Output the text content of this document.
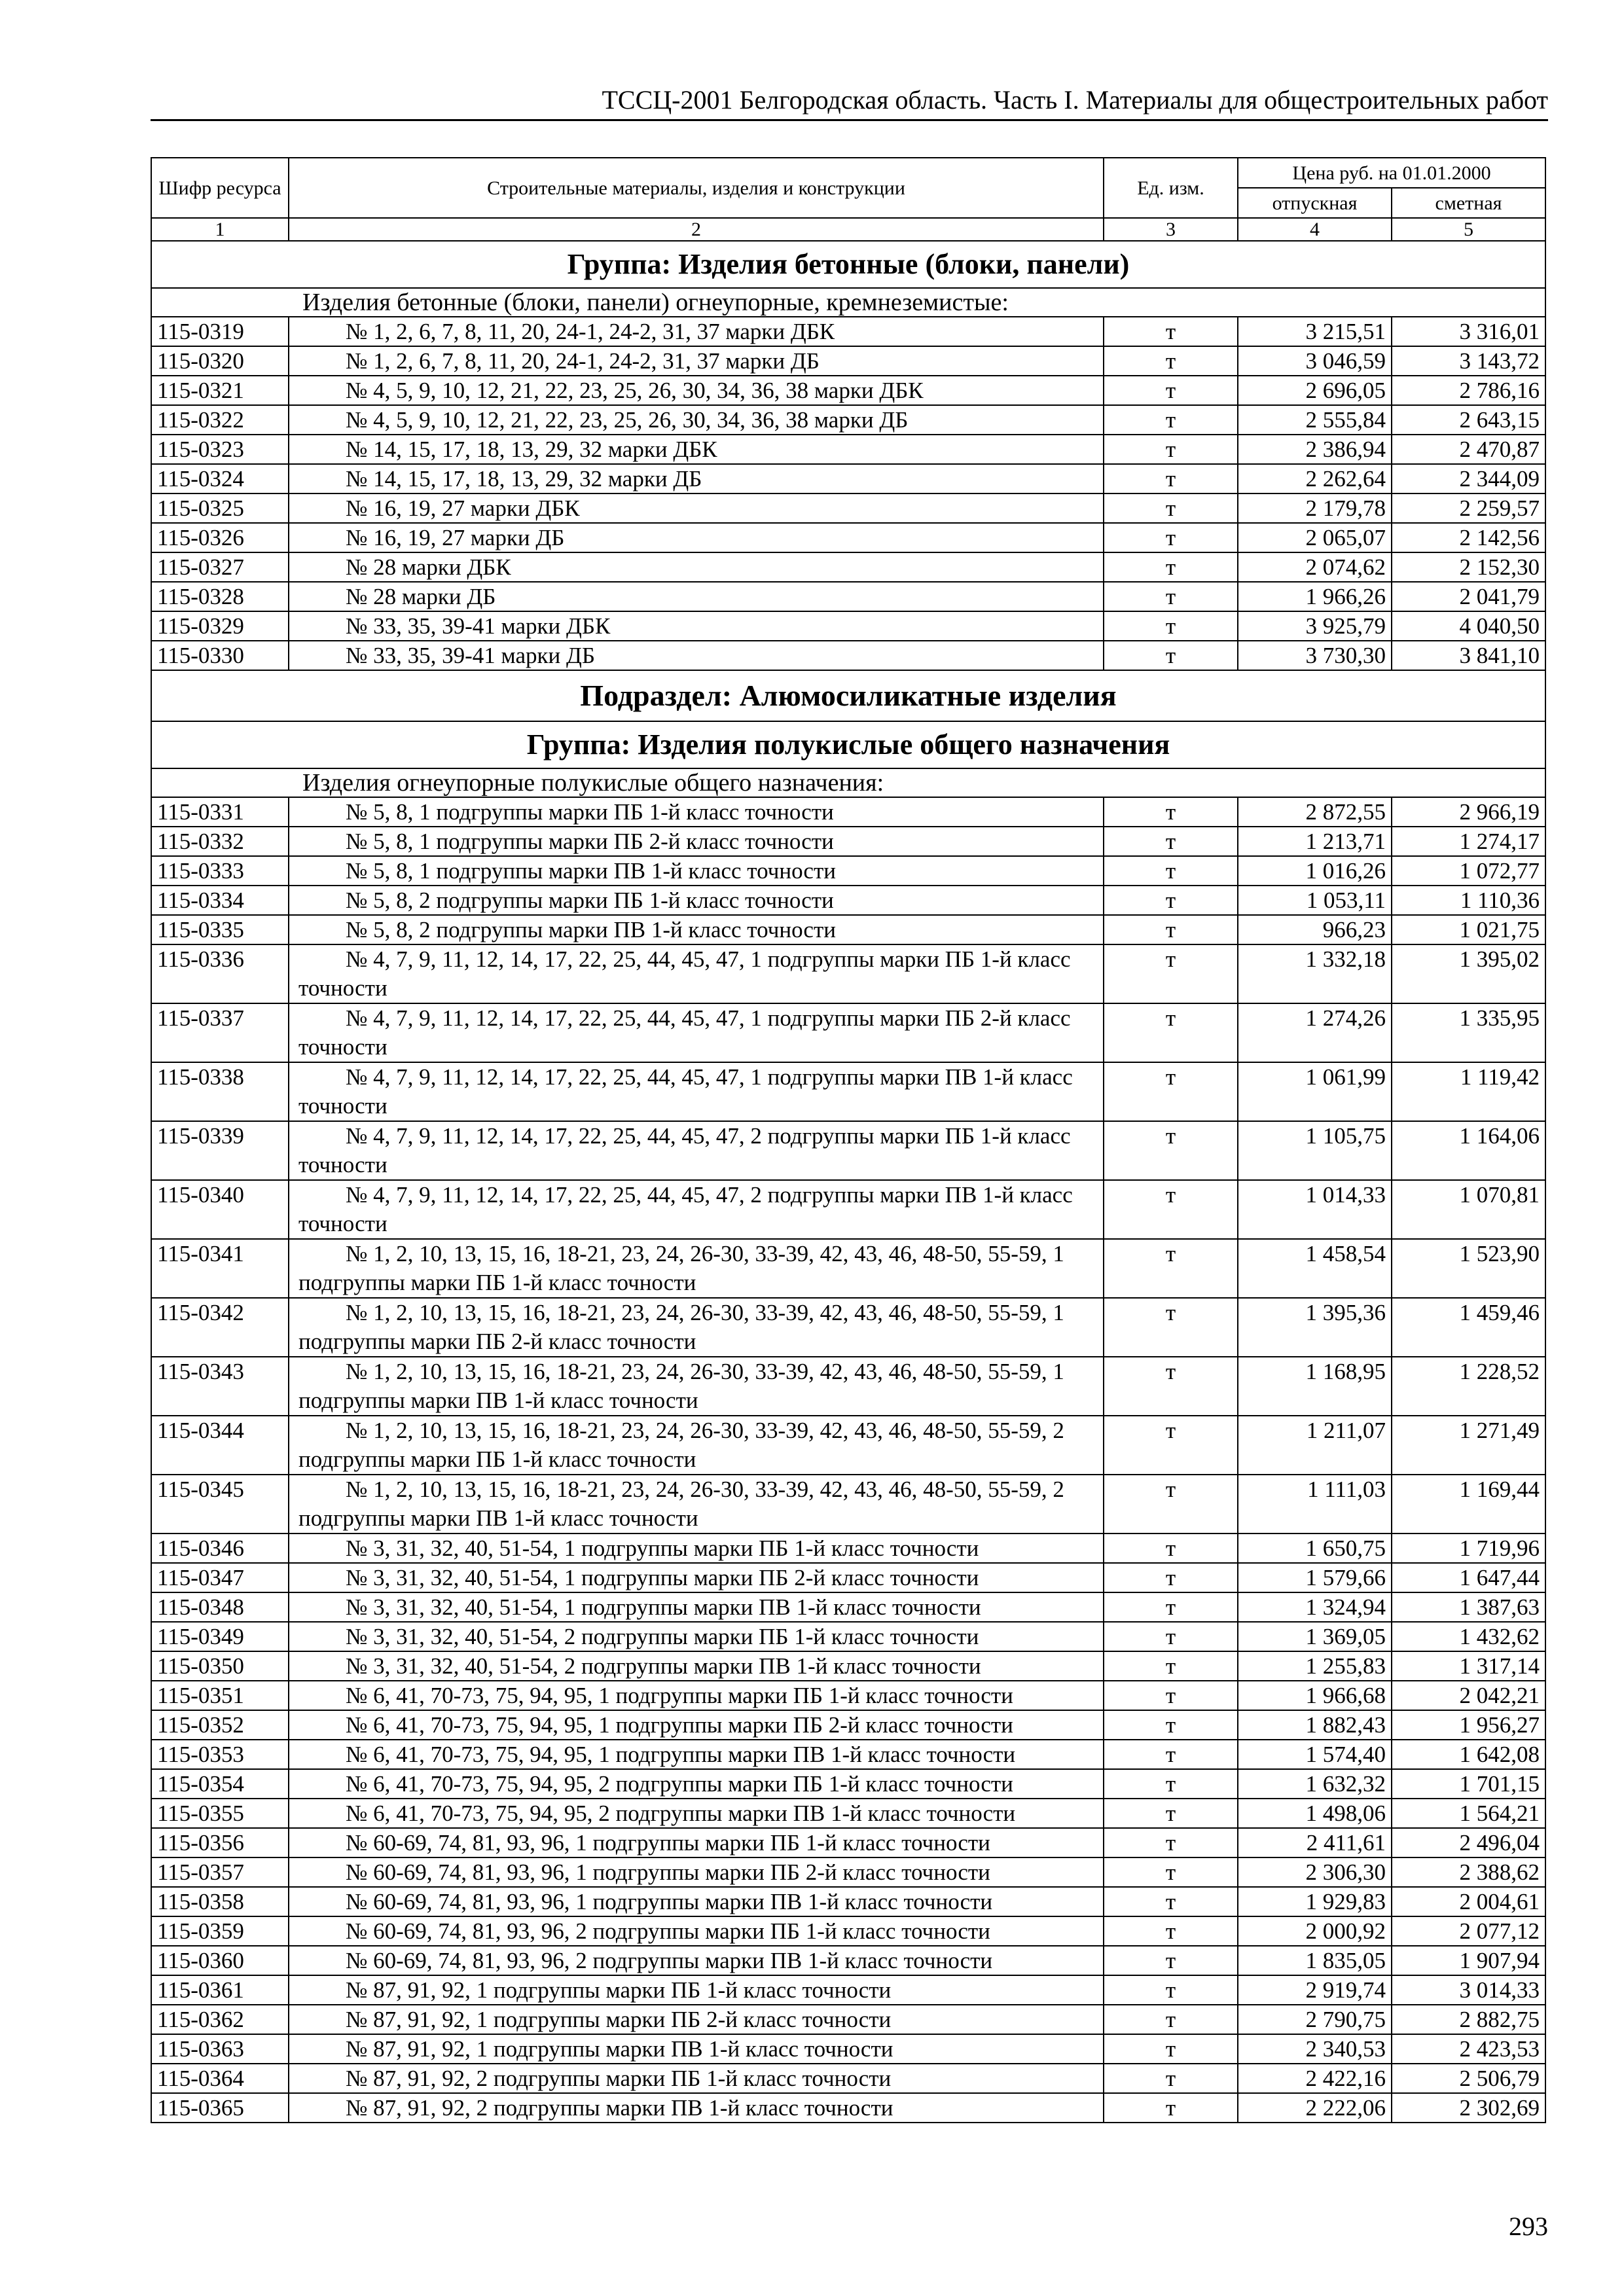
ТССЦ-2001 Белгородская область. Часть I. Материалы для общестроительных работ
Шифр ресурса	Строительные материалы, изделия и конструкции	Ед. изм.	Цена руб. на 01.01.2000	
			отпускная	сметная
1	2	3	4	5
Группа: Изделия бетонные (блоки, панели)				
Изделия бетонные (блоки, панели) огнеупорные, кремнеземистые:				
115-0319	№ 1, 2, 6, 7, 8, 11, 20, 24-1, 24-2, 31, 37 марки ДБК	т	3 215,51	3 316,01
115-0320	№ 1, 2, 6, 7, 8, 11, 20, 24-1, 24-2, 31, 37 марки ДБ	т	3 046,59	3 143,72
115-0321	№ 4, 5, 9, 10, 12, 21, 22, 23, 25, 26, 30, 34, 36, 38 марки ДБК	т	2 696,05	2 786,16
115-0322	№ 4, 5, 9, 10, 12, 21, 22, 23, 25, 26, 30, 34, 36, 38 марки ДБ	т	2 555,84	2 643,15
115-0323	№ 14, 15, 17, 18, 13, 29, 32 марки ДБК	т	2 386,94	2 470,87
115-0324	№ 14, 15, 17, 18, 13, 29, 32 марки ДБ	т	2 262,64	2 344,09
115-0325	№ 16, 19, 27 марки ДБК	т	2 179,78	2 259,57
115-0326	№ 16, 19, 27 марки ДБ	т	2 065,07	2 142,56
115-0327	№ 28 марки ДБК	т	2 074,62	2 152,30
115-0328	№ 28 марки ДБ	т	1 966,26	2 041,79
115-0329	№ 33, 35, 39-41 марки ДБК	т	3 925,79	4 040,50
115-0330	№ 33, 35, 39-41 марки ДБ	т	3 730,30	3 841,10
Подраздел: Алюмосиликатные изделия				
Группа: Изделия полукислые общего назначения				
Изделия огнеупорные полукислые общего назначения:				
115-0331	№ 5, 8, 1 подгруппы марки ПБ 1-й класс точности	т	2 872,55	2 966,19
115-0332	№ 5, 8, 1 подгруппы марки ПБ 2-й класс точности	т	1 213,71	1 274,17
115-0333	№ 5, 8, 1 подгруппы марки ПВ 1-й класс точности	т	1 016,26	1 072,77
115-0334	№ 5, 8, 2 подгруппы марки ПБ 1-й класс точности	т	1 053,11	1 110,36
115-0335	№ 5, 8, 2 подгруппы марки ПВ 1-й класс точности	т	966,23	1 021,75
115-0336	№ 4, 7, 9, 11, 12, 14, 17, 22, 25, 44, 45, 47, 1 подгруппы марки ПБ 1-й класс точности	т	1 332,18	1 395,02
115-0337	№ 4, 7, 9, 11, 12, 14, 17, 22, 25, 44, 45, 47, 1 подгруппы марки ПБ 2-й класс точности	т	1 274,26	1 335,95
115-0338	№ 4, 7, 9, 11, 12, 14, 17, 22, 25, 44, 45, 47, 1 подгруппы марки ПВ 1-й класс точности	т	1 061,99	1 119,42
115-0339	№ 4, 7, 9, 11, 12, 14, 17, 22, 25, 44, 45, 47, 2 подгруппы марки ПБ 1-й класс точности	т	1 105,75	1 164,06
115-0340	№ 4, 7, 9, 11, 12, 14, 17, 22, 25, 44, 45, 47, 2 подгруппы марки ПВ 1-й класс точности	т	1 014,33	1 070,81
115-0341	№ 1, 2, 10, 13, 15, 16, 18-21, 23, 24, 26-30, 33-39, 42, 43, 46, 48-50, 55-59, 1 подгруппы марки ПБ 1-й класс точности	т	1 458,54	1 523,90
115-0342	№ 1, 2, 10, 13, 15, 16, 18-21, 23, 24, 26-30, 33-39, 42, 43, 46, 48-50, 55-59, 1 подгруппы марки ПБ 2-й класс точности	т	1 395,36	1 459,46
115-0343	№ 1, 2, 10, 13, 15, 16, 18-21, 23, 24, 26-30, 33-39, 42, 43, 46, 48-50, 55-59, 1 подгруппы марки ПВ 1-й класс точности	т	1 168,95	1 228,52
115-0344	№ 1, 2, 10, 13, 15, 16, 18-21, 23, 24, 26-30, 33-39, 42, 43, 46, 48-50, 55-59, 2 подгруппы марки ПБ 1-й класс точности	т	1 211,07	1 271,49
115-0345	№ 1, 2, 10, 13, 15, 16, 18-21, 23, 24, 26-30, 33-39, 42, 43, 46, 48-50, 55-59, 2 подгруппы марки ПВ 1-й класс точности	т	1 111,03	1 169,44
115-0346	№ 3, 31, 32, 40, 51-54, 1 подгруппы марки ПБ 1-й класс точности	т	1 650,75	1 719,96
115-0347	№ 3, 31, 32, 40, 51-54, 1 подгруппы марки ПБ 2-й класс точности	т	1 579,66	1 647,44
115-0348	№ 3, 31, 32, 40, 51-54, 1 подгруппы марки ПВ 1-й класс точности	т	1 324,94	1 387,63
115-0349	№ 3, 31, 32, 40, 51-54, 2 подгруппы марки ПБ 1-й класс точности	т	1 369,05	1 432,62
115-0350	№ 3, 31, 32, 40, 51-54, 2 подгруппы марки ПВ 1-й класс точности	т	1 255,83	1 317,14
115-0351	№ 6, 41, 70-73, 75, 94, 95, 1 подгруппы марки ПБ 1-й класс точности	т	1 966,68	2 042,21
115-0352	№ 6, 41, 70-73, 75, 94, 95, 1 подгруппы марки ПБ 2-й класс точности	т	1 882,43	1 956,27
115-0353	№ 6, 41, 70-73, 75, 94, 95, 1 подгруппы марки ПВ 1-й класс точности	т	1 574,40	1 642,08
115-0354	№ 6, 41, 70-73, 75, 94, 95, 2 подгруппы марки ПБ 1-й класс точности	т	1 632,32	1 701,15
115-0355	№ 6, 41, 70-73, 75, 94, 95, 2 подгруппы марки ПВ 1-й класс точности	т	1 498,06	1 564,21
115-0356	№ 60-69, 74, 81, 93, 96, 1 подгруппы марки ПБ 1-й класс точности	т	2 411,61	2 496,04
115-0357	№ 60-69, 74, 81, 93, 96, 1 подгруппы марки ПБ 2-й класс точности	т	2 306,30	2 388,62
115-0358	№ 60-69, 74, 81, 93, 96, 1 подгруппы марки ПВ 1-й класс точности	т	1 929,83	2 004,61
115-0359	№ 60-69, 74, 81, 93, 96, 2 подгруппы марки ПБ 1-й класс точности	т	2 000,92	2 077,12
115-0360	№ 60-69, 74, 81, 93, 96, 2 подгруппы марки ПВ 1-й класс точности	т	1 835,05	1 907,94
115-0361	№ 87, 91, 92, 1 подгруппы марки ПБ 1-й класс точности	т	2 919,74	3 014,33
115-0362	№ 87, 91, 92, 1 подгруппы марки ПБ 2-й класс точности	т	2 790,75	2 882,75
115-0363	№ 87, 91, 92, 1 подгруппы марки ПВ 1-й класс точности	т	2 340,53	2 423,53
115-0364	№ 87, 91, 92, 2 подгруппы марки ПБ 1-й класс точности	т	2 422,16	2 506,79
115-0365	№ 87, 91, 92, 2 подгруппы марки ПВ 1-й класс точности	т	2 222,06	2 302,69
293
